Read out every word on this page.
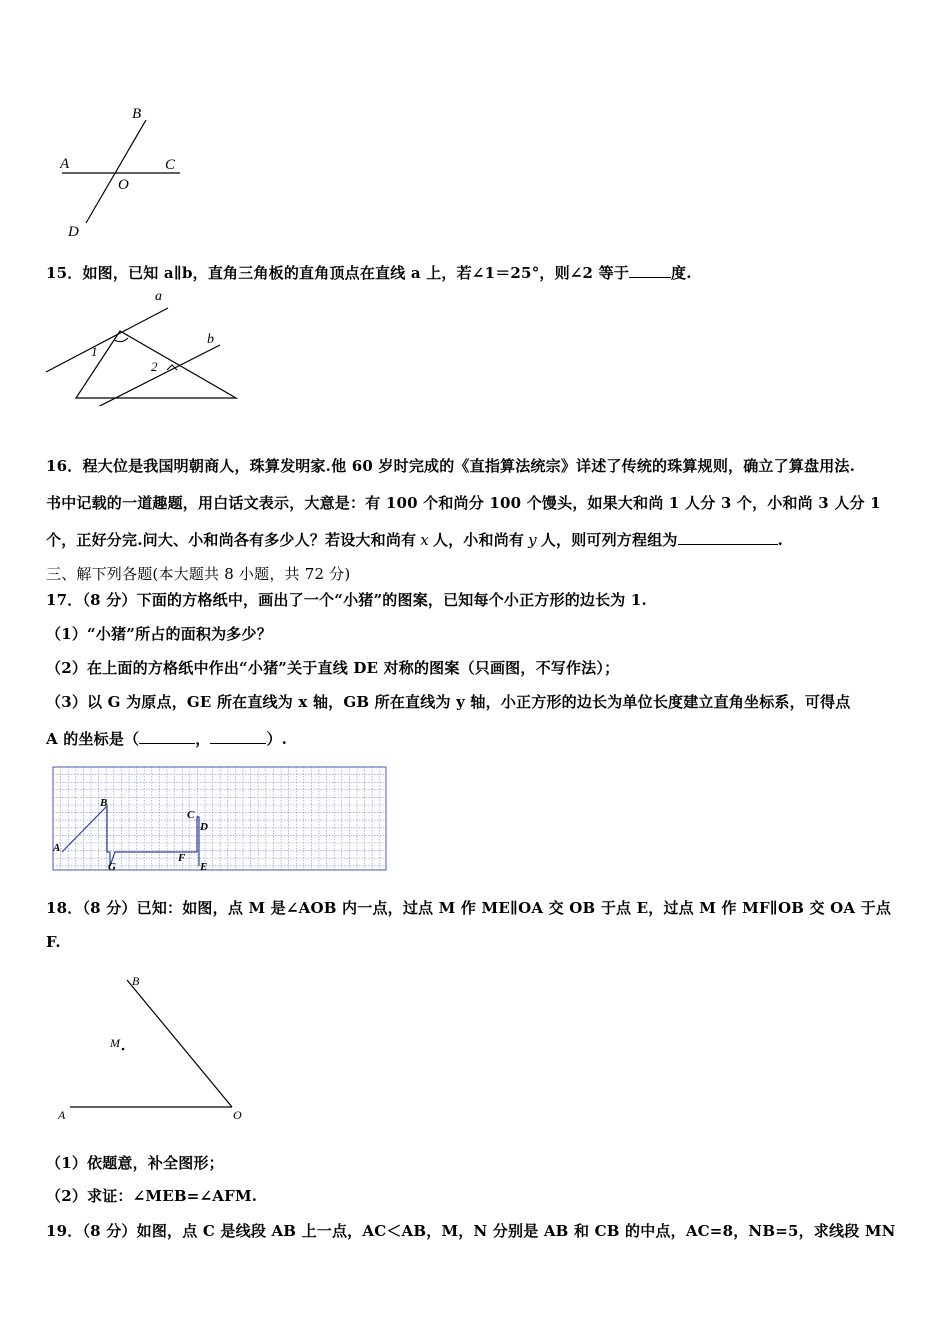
B
A	C
O
D
15．如图，已知 a∥b，直角三角板的直角顶点在直线 a 上，若∠1＝25°，则∠2 等于	度.
a
b
1
2
16．程大位是我国明朝商人，珠算发明家.他 60 岁时完成的《直指算法统宗》详述了传统的珠算规则，确立了算盘用法.
书中记载的一道趣题，用白话文表示，大意是：有 100 个和尚分 100 个馒头，如果大和尚 1 人分 3 个，小和尚 3 人分 1
个，正好分完.问大、小和尚各有多少人？若设大和尚有 x 人，小和尚有 y 人，则可列方程组为	.
三、解下列各题(本大题共 8 小题，共 72 分)
17．（8 分）下面的方格纸中，画出了一个“小猪”的图案，已知每个小正方形的边长为 1.
（1）“小猪”所占的面积为多少？
（2）在上面的方格纸中作出“小猪”关于直线 DE 对称的图案（只画图，不写作法）；
（3）以 G 为原点，GE 所在直线为 x 轴，GB 所在直线为 y 轴，小正方形的边长为单位长度建立直角坐标系，可得点
A 的坐标是（	，	）.
B
A
C
D
G
F
E
18．（8 分）已知：如图，点 M 是∠AOB 内一点，过点 M 作 ME∥OA 交 OB 于点 E，过点 M 作 MF∥OB 交 OA 于点
F.
B
M
A	O
（1）依题意，补全图形；
（2）求证：∠MEB=∠AFM.
19．（8 分）如图，点 C 是线段 AB 上一点，AC＜AB，M，N 分别是 AB 和 CB 的中点，AC=8，NB=5，求线段 MN
